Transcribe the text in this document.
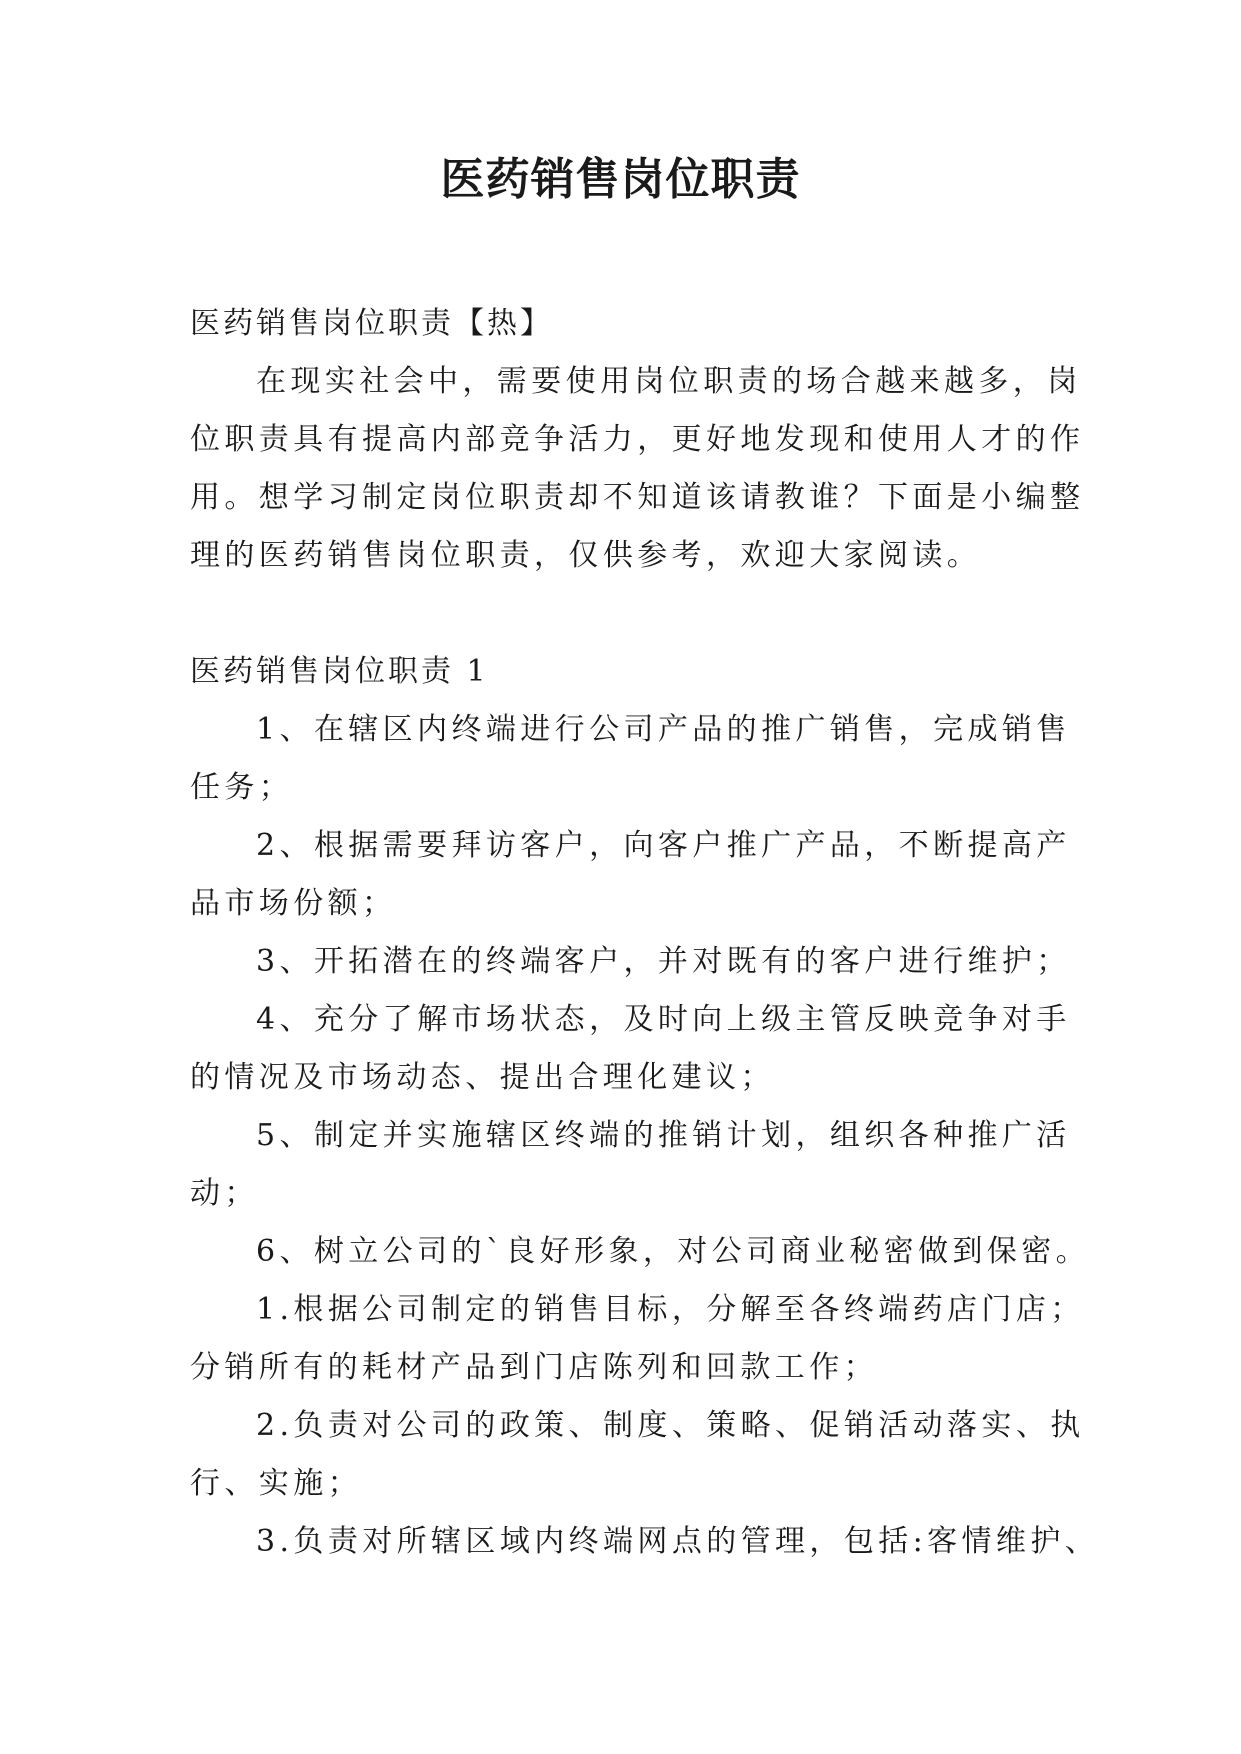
医药销售岗位职责
医药销售岗位职责【热】
在现实社会中，需要使用岗位职责的场合越来越多，岗
位职责具有提高内部竞争活力，更好地发现和使用人才的作
用。想学习制定岗位职责却不知道该请教谁？下面是小编整
理的医药销售岗位职责，仅供参考，欢迎大家阅读。
医药销售岗位职责 1
1、在辖区内终端进行公司产品的推广销售，完成销售
任务；
2、根据需要拜访客户，向客户推广产品，不断提高产
品市场份额；
3、开拓潜在的终端客户，并对既有的客户进行维护；
4、充分了解市场状态，及时向上级主管反映竞争对手
的情况及市场动态、提出合理化建议；
5、制定并实施辖区终端的推销计划，组织各种推广活
动；
6、树立公司的`良好形象，对公司商业秘密做到保密。
1.根据公司制定的销售目标，分解至各终端药店门店；
分销所有的耗材产品到门店陈列和回款工作；
2.负责对公司的政策、制度、策略、促销活动落实、执
行、实施；
3.负责对所辖区域内终端网点的管理，包括:客情维护、
